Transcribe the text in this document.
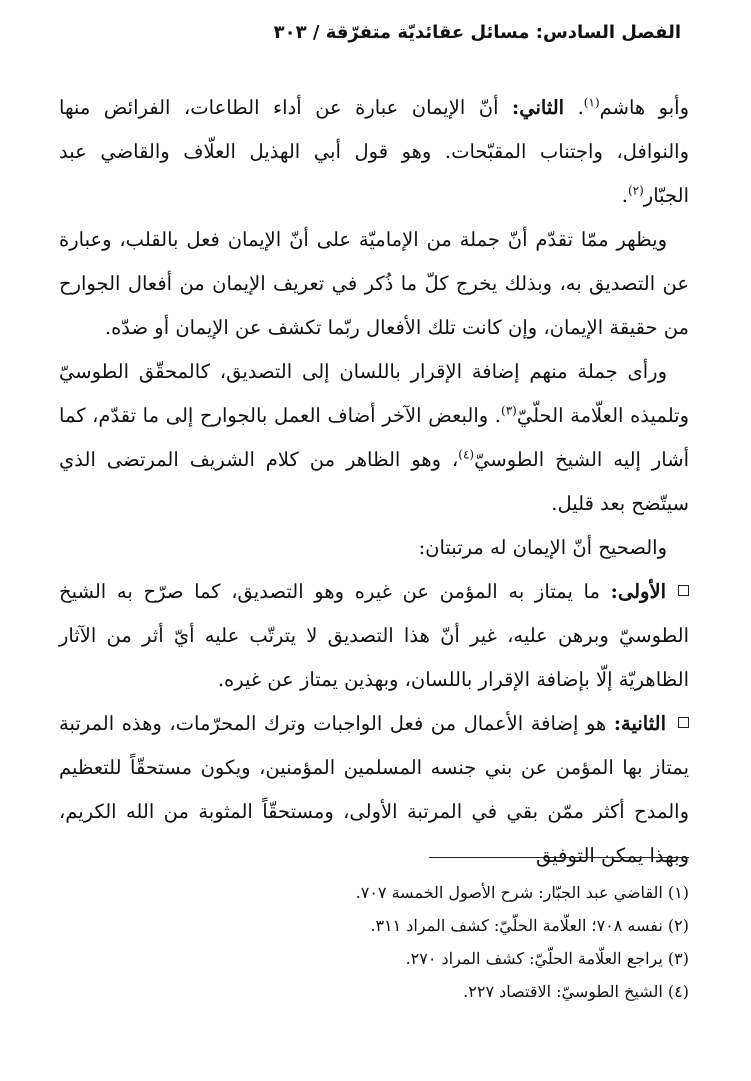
الفصل السادس: مسائل عقائديّة متفرّقة / ٣٠٣

وأبو هاشم$^{(١)}$. الثاني: أنّ الإيمان عبارة عن أداء الطاعات، الفرائض منها والنوافل، واجتناب المقبّحات. وهو قول أبي الهذيل العلّاف والقاضي عبد الجبّار$^{(٢)}$.

ويظهر ممّا تقدّم أنّ جملة من الإماميّة على أنّ الإيمان فعل بالقلب، وعبارة عن التصديق به، وبذلك يخرج كلّ ما ذُكر في تعريف الإيمان من أفعال الجوارح من حقيقة الإيمان، وإن كانت تلك الأفعال ربّما تكشف عن الإيمان أو ضدّه.

ورأى جملة منهم إضافة الإقرار باللسان إلى التصديق، كالمحقّق الطوسيّ وتلميذه العلّامة الحلّيّ$^{(٣)}$. والبعض الآخر أضاف العمل بالجوارح إلى ما تقدّم، كما أشار إليه الشيخ الطوسيّ$^{(٤)}$، وهو الظاهر من كلام الشريف المرتضى الذي سيتّضح بعد قليل.

والصحيح أنّ الإيمان له مرتبتان:

الأولى: ما يمتاز به المؤمن عن غيره وهو التصديق، كما صرّح به الشيخ الطوسيّ وبرهن عليه، غير أنّ هذا التصديق لا يترتّب عليه أيّ أثر من الآثار الظاهريّة إلّا بإضافة الإقرار باللسان، وبهذين يمتاز عن غيره.

الثانية: هو إضافة الأعمال من فعل الواجبات وترك المحرّمات، وهذه المرتبة يمتاز بها المؤمن عن بني جنسه المسلمين المؤمنين، ويكون مستحقّاً للتعظيم والمدح أكثر ممّن بقي في المرتبة الأولى، ومستحقّاً المثوبة من الله الكريم، وبهذا يمكن التوفيق

(١) القاضي عبد الجبّار: شرح الأصول الخمسة ٧٠٧.

(٢) نفسه ٧٠٨؛ العلّامة الحلّيّ: كشف المراد ٣١١.

(٣) يراجع العلّامة الحلّيّ: كشف المراد ٢٧٠.

(٤) الشيخ الطوسيّ: الاقتصاد ٢٢٧.
